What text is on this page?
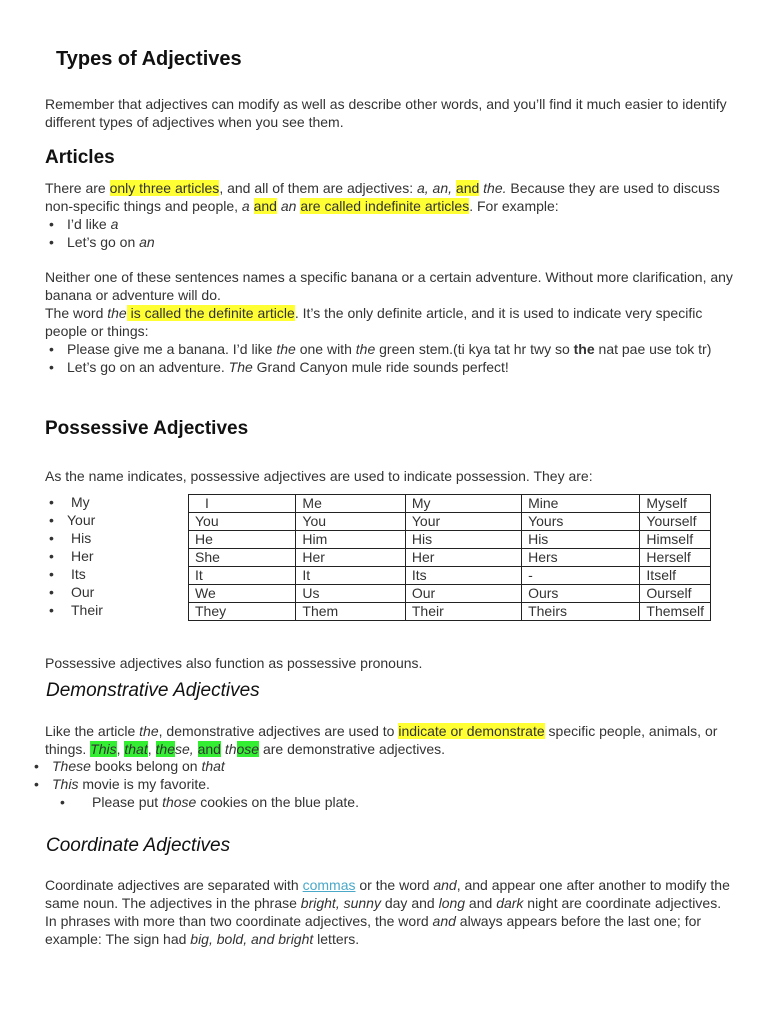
Types of Adjectives
Remember that adjectives can modify as well as describe other words, and you’ll find it much easier to identify different types of adjectives when you see them.
Articles
There are only three articles, and all of them are adjectives: a, an, and the. Because they are used to discuss non-specific things and people, a and an are called indefinite articles. For example:
• I’d like a
• Let’s go on an
Neither one of these sentences names a specific banana or a certain adventure. Without more clarification, any banana or adventure will do.
The word the is called the definite article. It’s the only definite article, and it is used to indicate very specific people or things:
• Please give me a banana. I’d like the one with the green stem.(ti kya tat hr twy so the nat pae use tok tr)
• Let’s go on an adventure. The Grand Canyon mule ride sounds perfect!
Possessive Adjectives
As the name indicates, possessive adjectives are used to indicate possession. They are:
• My
• Your
• His
• Her
• Its
• Our
• Their
I	Me	My	Mine	Myself
You	You	Your	Yours	Yourself
He	Him	His	His	Himself
She	Her	Her	Hers	Herself
It	It	Its	-	Itself
We	Us	Our	Ours	Ourself
They	Them	Their	Theirs	Themself
Possessive adjectives also function as possessive pronouns.
Demonstrative Adjectives
Like the article the, demonstrative adjectives are used to indicate or demonstrate specific people, animals, or things. This, that, these, and those are demonstrative adjectives.
• These books belong on that
• This movie is my favorite.
• Please put those cookies on the blue plate.
Coordinate Adjectives
Coordinate adjectives are separated with commas or the word and, and appear one after another to modify the same noun. The adjectives in the phrase bright, sunny day and long and dark night are coordinate adjectives. In phrases with more than two coordinate adjectives, the word and always appears before the last one; for example: The sign had big, bold, and bright letters.
